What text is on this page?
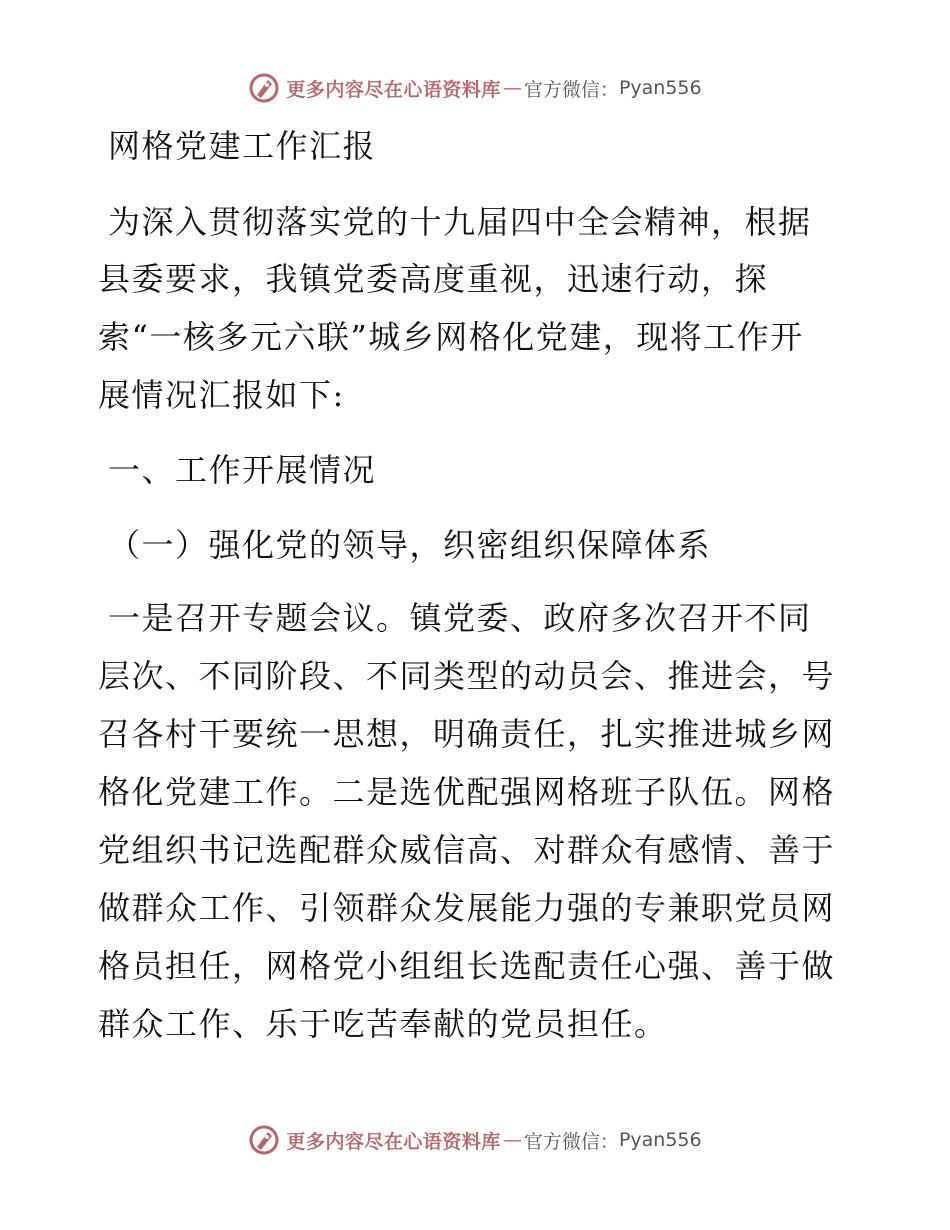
更多内容尽在心语资料库 — 官方微信： Pyan556
网格党建工作汇报
为深入贯彻落实党的十九届四中全会精神，根据
县委要求，我镇党委高度重视，迅速行动，探
索“一核多元六联”城乡网格化党建，现将工作开
展情况汇报如下:
一、工作开展情况
（一）强化党的领导，织密组织保障体系
一是召开专题会议。镇党委、政府多次召开不同
层次、不同阶段、不同类型的动员会、推进会，号
召各村干要统一思想，明确责任，扎实推进城乡网
格化党建工作。二是选优配强网格班子队伍。网格
党组织书记选配群众威信高、对群众有感情、善于
做群众工作、引领群众发展能力强的专兼职党员网
格员担任，网格党小组组长选配责任心强、善于做
群众工作、乐于吃苦奉献的党员担任。
更多内容尽在心语资料库 — 官方微信： Pyan556
